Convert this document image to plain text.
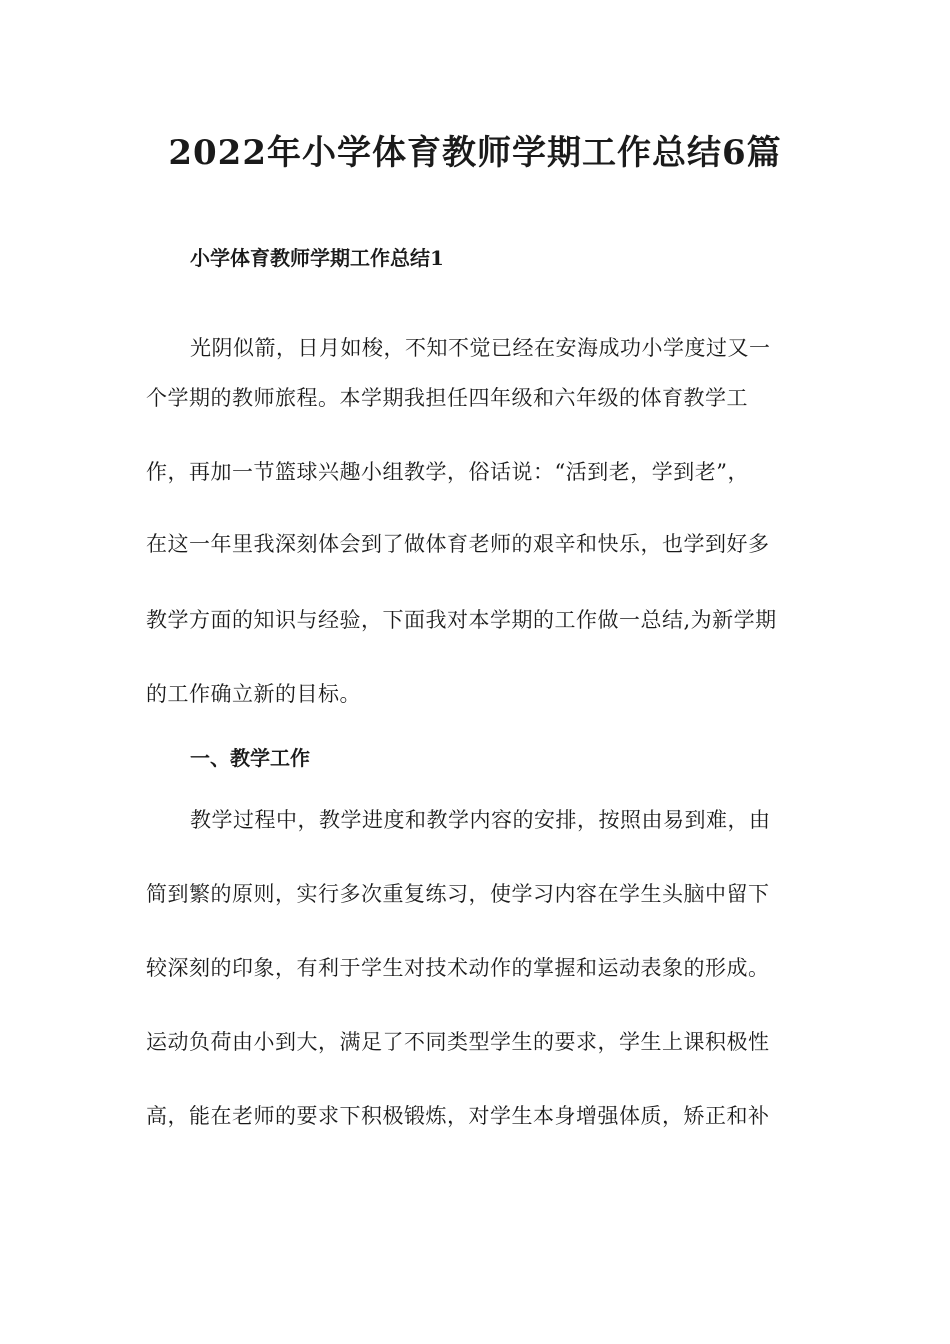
2022年小学体育教师学期工作总结6篇
小学体育教师学期工作总结1
光阴似箭，日月如梭，不知不觉已经在安海成功小学度过又一
个学期的教师旅程。本学期我担任四年级和六年级的体育教学工
作，再加一节篮球兴趣小组教学，俗话说：“活到老，学到老”，
在这一年里我深刻体会到了做体育老师的艰辛和快乐，也学到好多
教学方面的知识与经验，下面我对本学期的工作做一总结,为新学期
的工作确立新的目标。
一、教学工作
教学过程中，教学进度和教学内容的安排，按照由易到难，由
简到繁的原则，实行多次重复练习，使学习内容在学生头脑中留下
较深刻的印象，有利于学生对技术动作的掌握和运动表象的形成。
运动负荷由小到大，满足了不同类型学生的要求，学生上课积极性
高，能在老师的要求下积极锻炼，对学生本身增强体质，矫正和补
